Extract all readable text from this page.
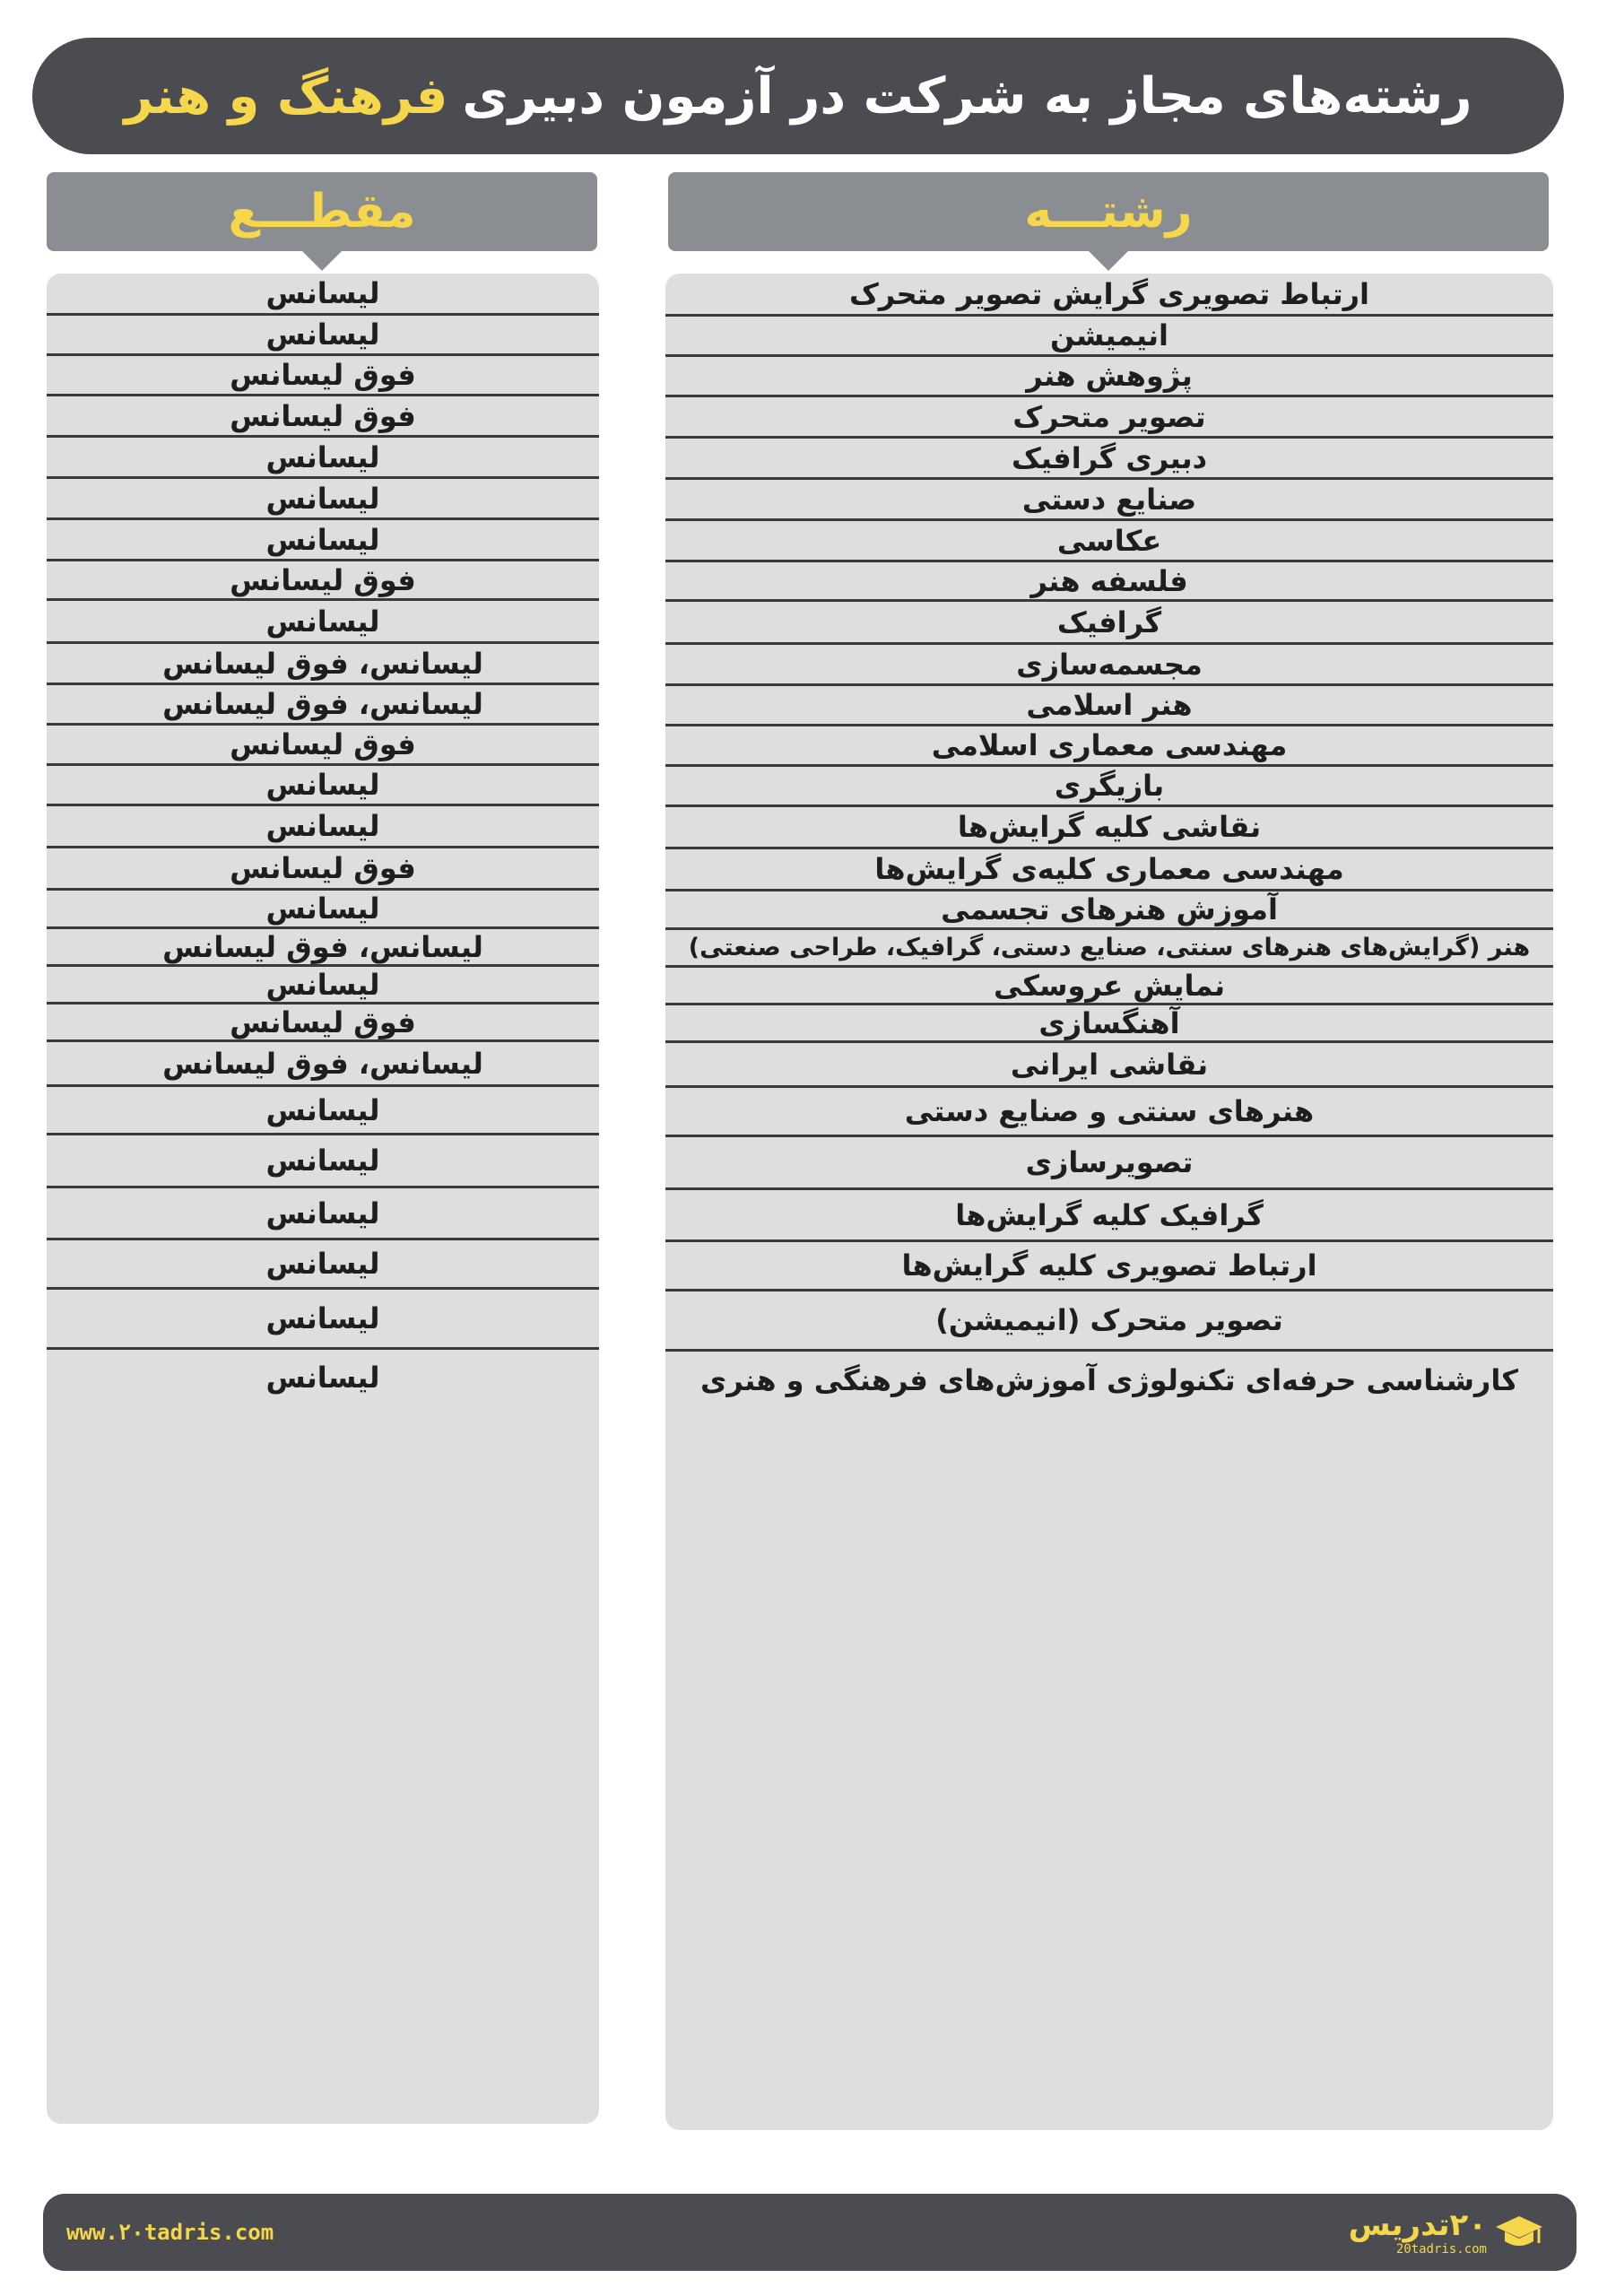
رشته‌های مجاز به شرکت در آزمون دبیری
فرهنگ و هنر
رشتـــه
مقطـــع
ارتباط تصویری گرایش تصویر متحرک
انیمیشن
پژوهش هنر
تصویر متحرک
دبیری گرافیک
صنایع دستی
عکاسی
فلسفه هنر
گرافیک
مجسمه‌سازی
هنر اسلامی
مهندسی معماری اسلامی
بازیگری
نقاشی کلیه گرایش‌ها
مهندسی معماری کلیه‌ی گرایش‌ها
آموزش هنرهای تجسمی
هنر (گرایش‌های هنرهای سنتی، صنایع دستی، گرافیک، طراحی صنعتی)
نمایش عروسکی
آهنگسازی
نقاشی ایرانی
هنرهای سنتی و صنایع دستی
تصویرسازی
گرافیک کلیه گرایش‌ها
ارتباط تصویری کلیه گرایش‌ها
تصویر متحرک (انیمیشن)
کارشناسی حرفه‌ای تکنولوژی آموزش‌های فرهنگی و هنری
لیسانس
لیسانس
فوق لیسانس
فوق لیسانس
لیسانس
لیسانس
لیسانس
فوق لیسانس
لیسانس
لیسانس، فوق لیسانس
لیسانس، فوق لیسانس
فوق لیسانس
لیسانس
لیسانس
فوق لیسانس
لیسانس
لیسانس، فوق لیسانس
لیسانس
فوق لیسانس
لیسانس، فوق لیسانس
لیسانس
لیسانس
لیسانس
لیسانس
لیسانس
لیسانس
www.۲۰tadris.com	۲۰تدریس
20tadris.com
